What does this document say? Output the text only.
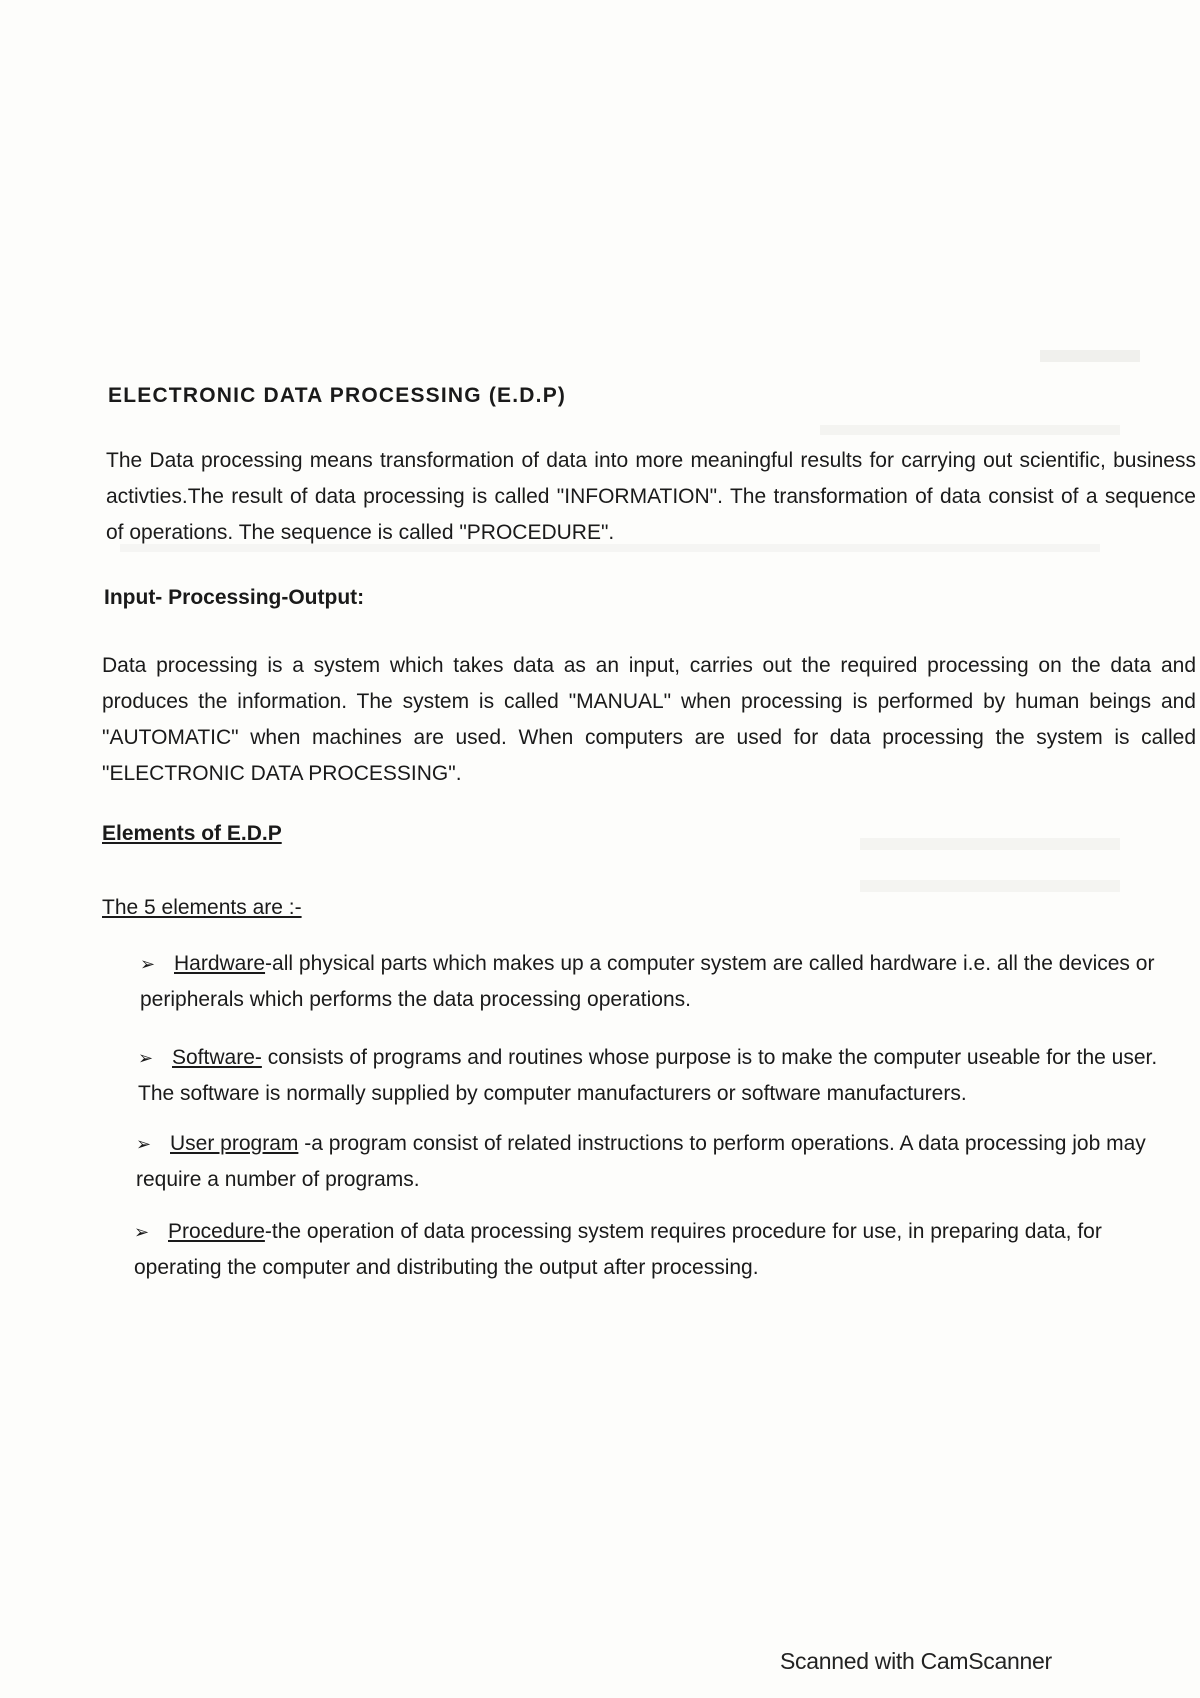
ELECTRONIC DATA PROCESSING (E.D.P)

The Data processing means transformation of data into more meaningful results for carrying out scientific, business activties.The result of data processing is called "INFORMATION". The transformation of data consist of a sequence of operations. The sequence is called "PROCEDURE".

Input- Processing-Output:

Data processing is a system which takes data as an input, carries out the required processing on the data and produces the information. The system is called "MANUAL" when processing is performed by human beings and "AUTOMATIC" when machines are used. When computers are used for data processing the system is called "ELECTRONIC DATA PROCESSING".

Elements of E.D.P

The 5 elements are :-

➢ Hardware-all physical parts which makes up a computer system are called hardware i.e. all the devices or peripherals which performs the data processing operations.

➢ Software- consists of programs and routines whose purpose is to make the computer useable for the user. The software is normally supplied by computer manufacturers or software manufacturers.

➢ User program -a program consist of related instructions to perform operations. A data processing job may require a number of programs.

➢ Procedure-the operation of data processing system requires procedure for use, in preparing data, for operating the computer and distributing the output after processing.

Scanned with CamScanner
